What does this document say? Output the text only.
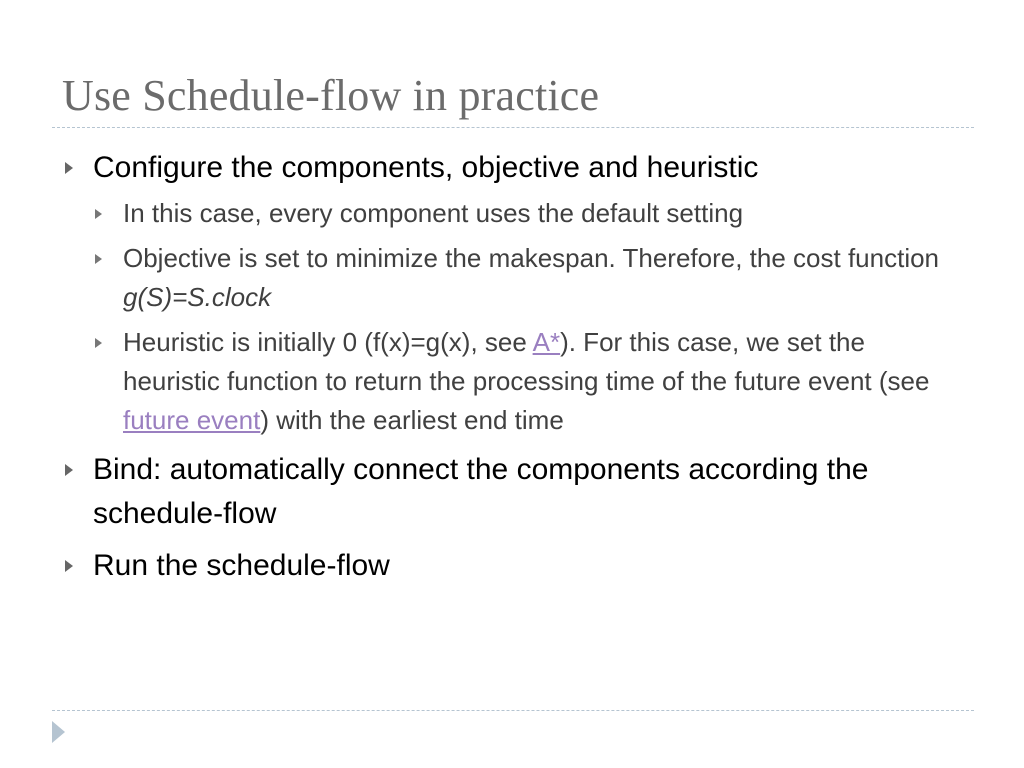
Use Schedule-flow in practice
Configure the components, objective and heuristic
In this case, every component uses the default setting
Objective is set to minimize the makespan. Therefore, the cost function g(S)=S.clock
Heuristic is initially 0 (f(x)=g(x), see A*). For this case, we set the heuristic function to return the processing time of the future event (see future event) with the earliest end time
Bind: automatically connect the components according the schedule-flow
Run the schedule-flow
